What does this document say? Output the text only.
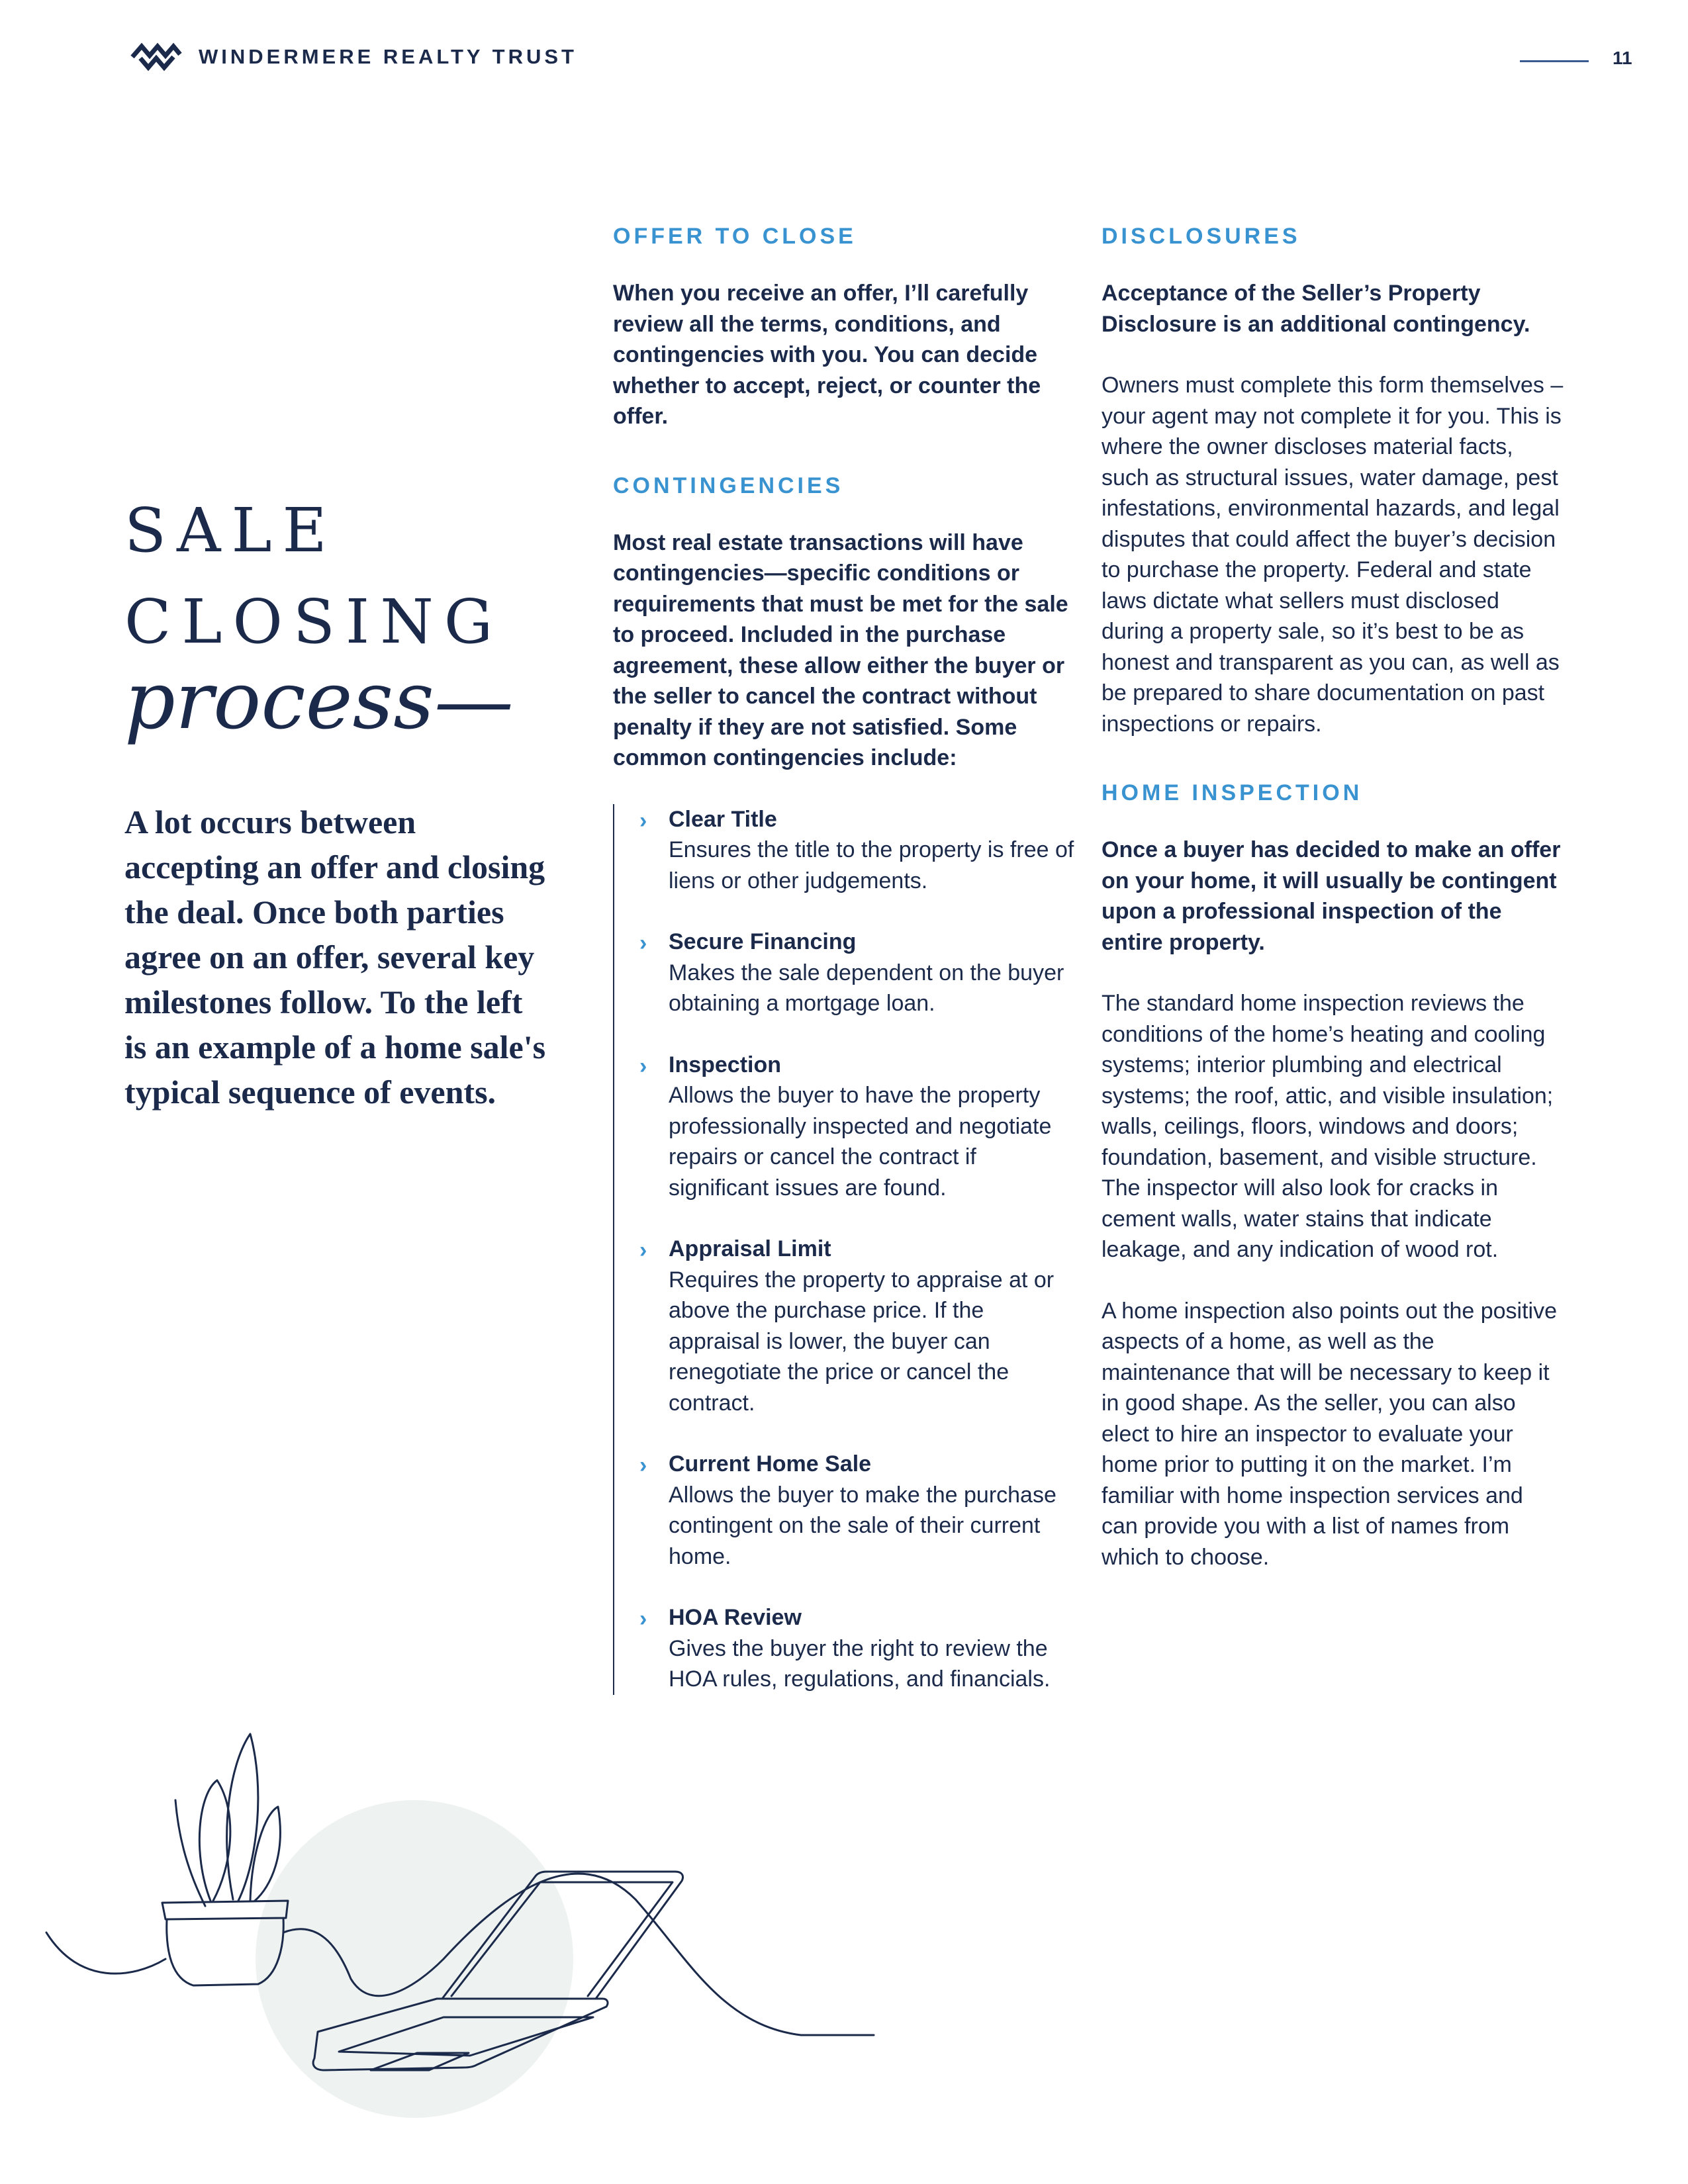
WINDERMERE REALTY TRUST	11
SALE
CLOSING
process—
A lot occurs between accepting an offer and closing the deal. Once both parties agree on an offer, several key milestones follow. To the left is an example of a home sale's typical sequence of events.
OFFER TO CLOSE

When you receive an offer, I’ll carefully review all the terms, conditions, and contingencies with you. You can decide whether to accept, reject, or counter the offer.

CONTINGENCIES

Most real estate transactions will have contingencies—specific conditions or requirements that must be met for the sale to proceed. Included in the purchase agreement, these allow either the buyer or the seller to cancel the contract without penalty if they are not satisfied. Some common contingencies include:

› Clear Title

Ensures the title to the property is free of liens or other judgements.

› Secure Financing

Makes the sale dependent on the buyer obtaining a mortgage loan.

› Inspection

Allows the buyer to have the property professionally inspected and negotiate repairs or cancel the contract if significant issues are found.

› Appraisal Limit

Requires the property to appraise at or above the purchase price. If the appraisal is lower, the buyer can renegotiate the price or cancel the contract.

› Current Home Sale

Allows the buyer to make the purchase contingent on the sale of their current home.

› HOA Review

Gives the buyer the right to review the HOA rules, regulations, and financials.

DISCLOSURES

Acceptance of the Seller’s Property Disclosure is an additional contingency.

Owners must complete this form themselves – your agent may not complete it for you. This is where the owner discloses material facts, such as structural issues, water damage, pest infestations, environmental hazards, and legal disputes that could affect the buyer’s decision to purchase the property. Federal and state laws dictate what sellers must disclosed during a property sale, so it’s best to be as honest and transparent as you can, as well as be prepared to share documentation on past inspections or repairs.

HOME INSPECTION

Once a buyer has decided to make an offer on your home, it will usually be contingent upon a professional inspection of the entire property.

The standard home inspection reviews the conditions of the home’s heating and cooling systems; interior plumbing and electrical systems; the roof, attic, and visible insulation; walls, ceilings, floors, windows and doors; foundation, basement, and visible structure. The inspector will also look for cracks in cement walls, water stains that indicate leakage, and any indication of wood rot.

A home inspection also points out the positive aspects of a home, as well as the maintenance that will be necessary to keep it in good shape. As the seller, you can also elect to hire an inspector to evaluate your home prior to putting it on the market. I’m familiar with home inspection services and can provide you with a list of names from which to choose.
